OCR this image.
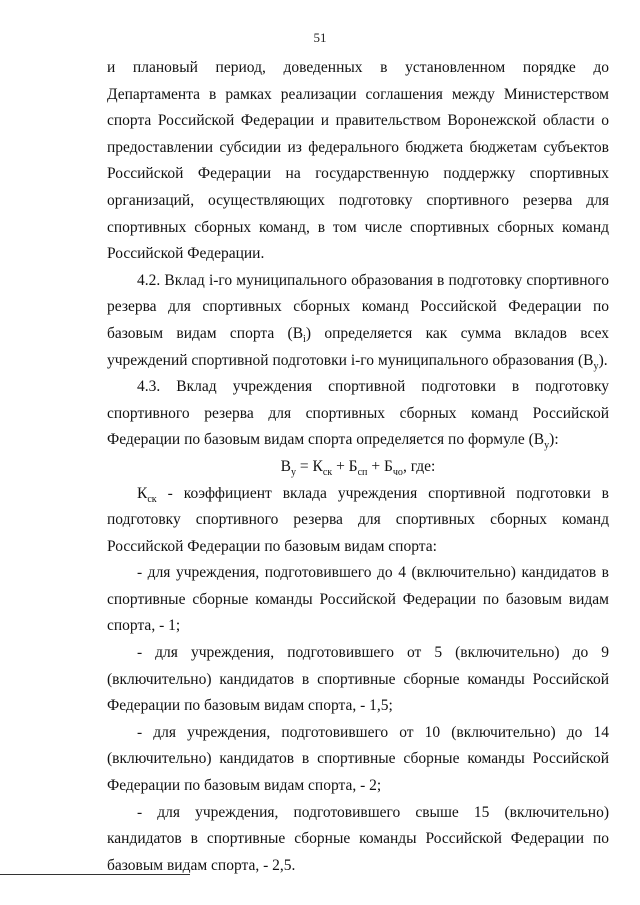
51

и плановый период, доведенных в установленном порядке до Департамента в рамках реализации соглашения между Министерством спорта Российской Федерации и правительством Воронежской области о предоставлении субсидии из федерального бюджета бюджетам субъектов Российской Федерации на государственную поддержку спортивных организаций, осуществляющих подготовку спортивного резерва для спортивных сборных команд, в том числе спортивных сборных команд Российской Федерации.

4.2. Вклад i-го муниципального образования в подготовку спортивного резерва для спортивных сборных команд Российской Федерации по базовым видам спорта $(В_i)$ определяется как сумма вкладов всех учреждений спортивной подготовки i-го муниципального образования $(В_у)$.

4.3. Вклад учреждения спортивной подготовки в подготовку спортивного резерва для спортивных сборных команд Российской Федерации по базовым видам спорта определяется по формуле $(В_у)$:

$В_у = К_{ск} + Б_{сп} + Б_{чо}$, где:

$К_{ск}$ - коэффициент вклада учреждения спортивной подготовки в подготовку спортивного резерва для спортивных сборных команд Российской Федерации по базовым видам спорта:

- для учреждения, подготовившего до 4 (включительно) кандидатов в спортивные сборные команды Российской Федерации по базовым видам спорта, - 1;

- для учреждения, подготовившего от 5 (включительно) до 9 (включительно) кандидатов в спортивные сборные команды Российской Федерации по базовым видам спорта, - 1,5;

- для учреждения, подготовившего от 10 (включительно) до 14 (включительно) кандидатов в спортивные сборные команды Российской Федерации по базовым видам спорта, - 2;

- для учреждения, подготовившего свыше 15 (включительно) кандидатов в спортивные сборные команды Российской Федерации по базовым видам спорта, - 2,5.
